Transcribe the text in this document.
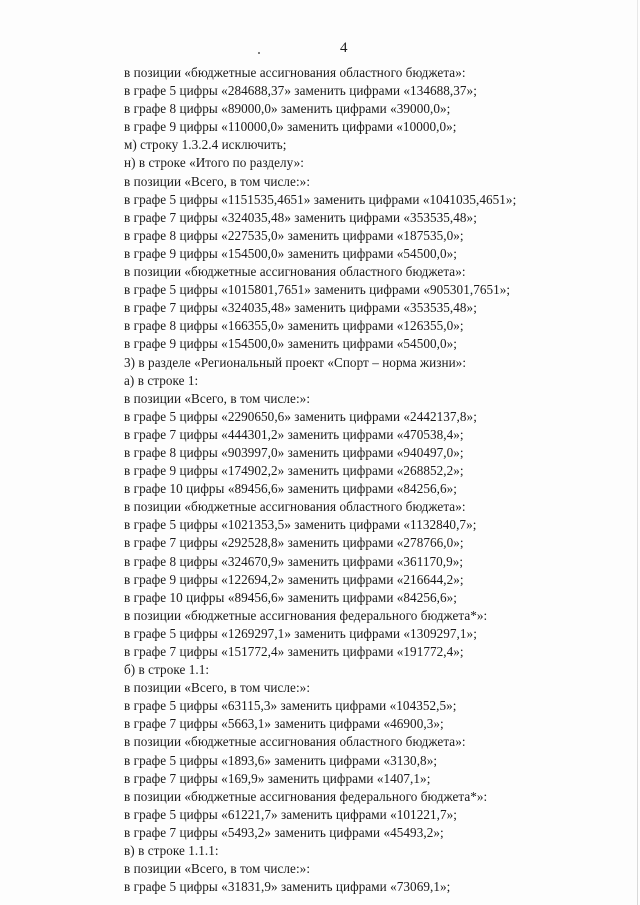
4
в позиции «бюджетные ассигнования областного бюджета»:
в графе 5 цифры «284688,37» заменить цифрами «134688,37»;
в графе 8 цифры «89000,0» заменить цифрами «39000,0»;
в графе 9 цифры «110000,0» заменить цифрами «10000,0»;
м) строку 1.3.2.4 исключить;
н) в строке «Итого по разделу»:
в позиции «Всего, в том числе:»:
в графе 5 цифры «1151535,4651» заменить цифрами «1041035,4651»;
в графе 7 цифры «324035,48» заменить цифрами «353535,48»;
в графе 8 цифры «227535,0» заменить цифрами «187535,0»;
в графе 9 цифры «154500,0» заменить цифрами «54500,0»;
в позиции «бюджетные ассигнования областного бюджета»:
в графе 5 цифры «1015801,7651» заменить цифрами «905301,7651»;
в графе 7 цифры «324035,48» заменить цифрами «353535,48»;
в графе 8 цифры «166355,0» заменить цифрами «126355,0»;
в графе 9 цифры «154500,0» заменить цифрами «54500,0»;
3) в разделе «Региональный проект «Спорт – норма жизни»:
а) в строке 1:
в позиции «Всего, в том числе:»:
в графе 5 цифры «2290650,6» заменить цифрами «2442137,8»;
в графе 7 цифры «444301,2» заменить цифрами «470538,4»;
в графе 8 цифры «903997,0» заменить цифрами «940497,0»;
в графе 9 цифры «174902,2» заменить цифрами «268852,2»;
в графе 10 цифры «89456,6» заменить цифрами «84256,6»;
в позиции «бюджетные ассигнования областного бюджета»:
в графе 5 цифры «1021353,5» заменить цифрами «1132840,7»;
в графе 7 цифры «292528,8» заменить цифрами «278766,0»;
в графе 8 цифры «324670,9» заменить цифрами «361170,9»;
в графе 9 цифры «122694,2» заменить цифрами «216644,2»;
в графе 10 цифры «89456,6» заменить цифрами «84256,6»;
в позиции «бюджетные ассигнования федерального бюджета*»:
в графе 5 цифры «1269297,1» заменить цифрами «1309297,1»;
в графе 7 цифры «151772,4» заменить цифрами «191772,4»;
б) в строке 1.1:
в позиции «Всего, в том числе:»:
в графе 5 цифры «63115,3» заменить цифрами «104352,5»;
в графе 7 цифры «5663,1» заменить цифрами «46900,3»;
в позиции «бюджетные ассигнования областного бюджета»:
в графе 5 цифры «1893,6» заменить цифрами «3130,8»;
в графе 7 цифры «169,9» заменить цифрами «1407,1»;
в позиции «бюджетные ассигнования федерального бюджета*»:
в графе 5 цифры «61221,7» заменить цифрами «101221,7»;
в графе 7 цифры «5493,2» заменить цифрами «45493,2»;
в) в строке 1.1.1:
в позиции «Всего, в том числе:»:
в графе 5 цифры «31831,9» заменить цифрами «73069,1»;
